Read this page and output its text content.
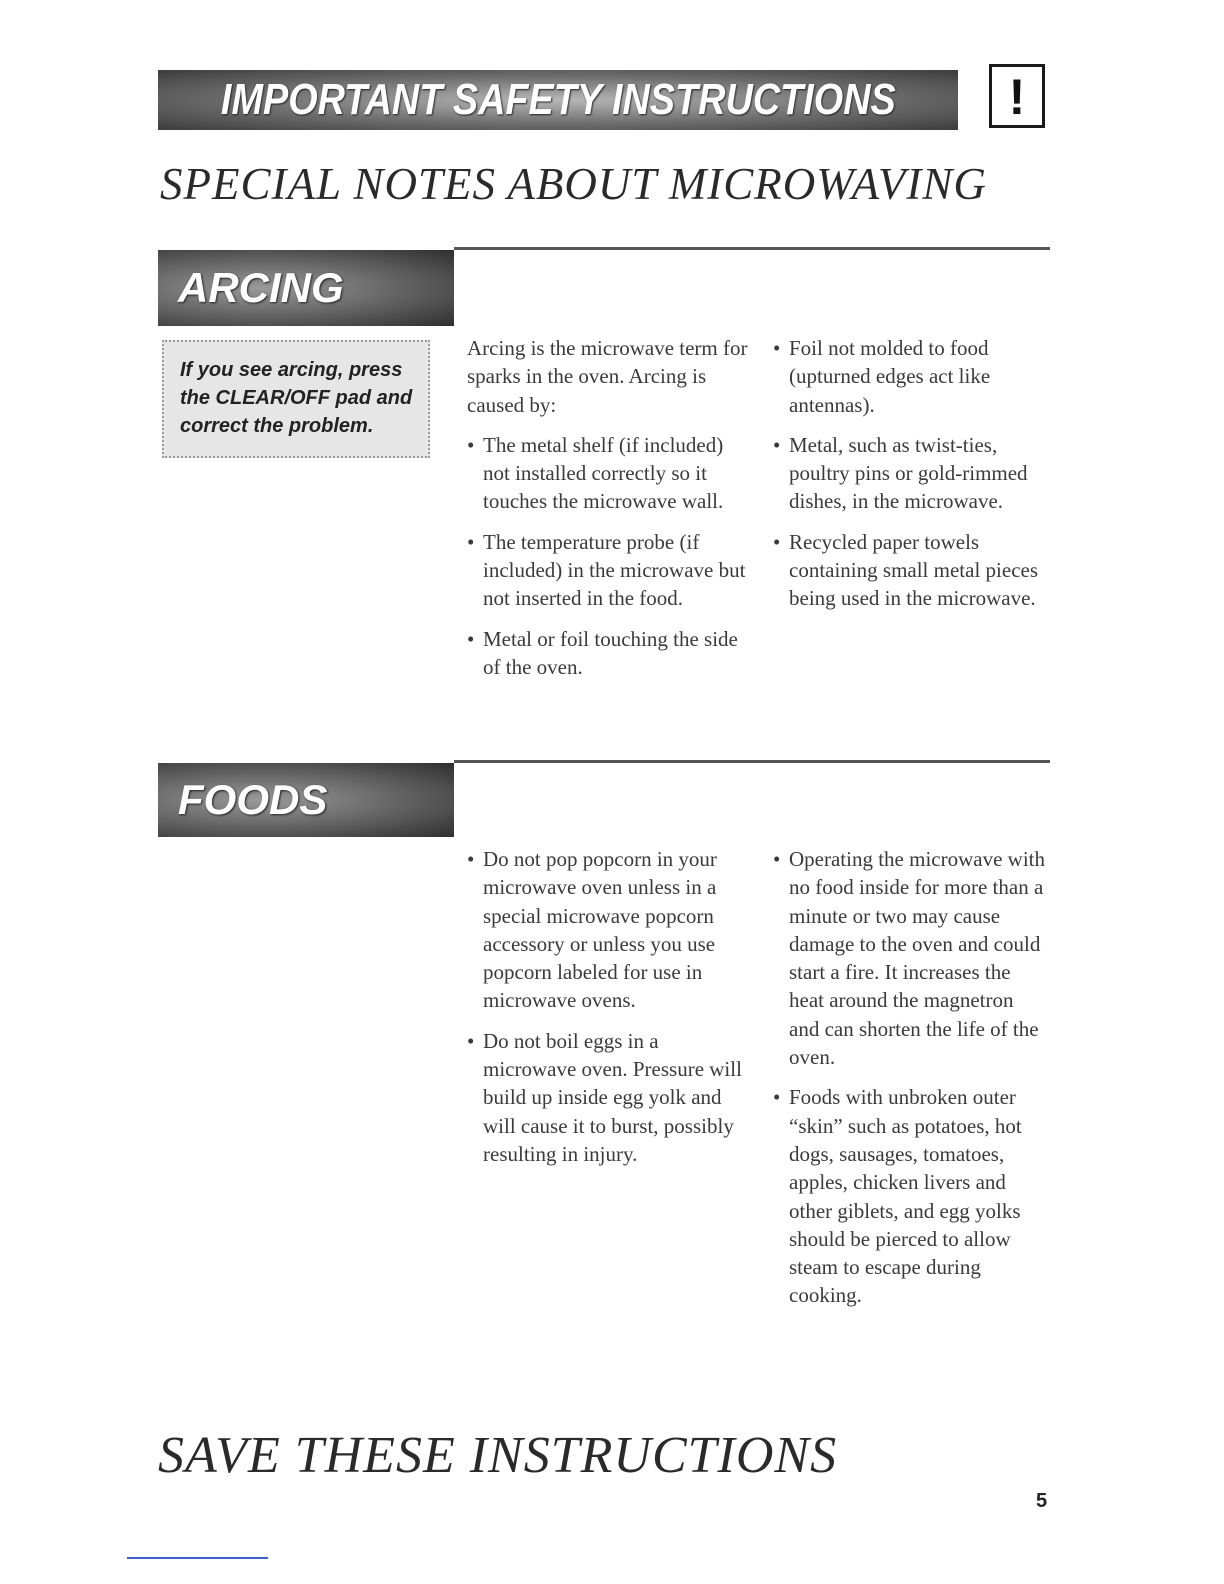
IMPORTANT SAFETY INSTRUCTIONS	!
SPECIAL NOTES ABOUT MICROWAVING
ARCING
If you see arcing, press the CLEAR/OFF pad and correct the problem.

Arcing is the microwave term for sparks in the oven. Arcing is caused by:

• The metal shelf (if included) not installed correctly so it touches the microwave wall.

• The temperature probe (if included) in the microwave but not inserted in the food.

• Metal or foil touching the side of the oven.

• Foil not molded to food (upturned edges act like antennas).

• Metal, such as twist-ties, poultry pins or gold-rimmed dishes, in the microwave.

• Recycled paper towels containing small metal pieces being used in the microwave.

FOODS

• Do not pop popcorn in your microwave oven unless in a special microwave popcorn accessory or unless you use popcorn labeled for use in microwave ovens.

• Do not boil eggs in a microwave oven. Pressure will build up inside egg yolk and will cause it to burst, possibly resulting in injury.

• Operating the microwave with no food inside for more than a minute or two may cause damage to the oven and could start a fire. It increases the heat around the magnetron and can shorten the life of the oven.

• Foods with unbroken outer “skin” such as potatoes, hot dogs, sausages, tomatoes, apples, chicken livers and other giblets, and egg yolks should be pierced to allow steam to escape during cooking.

SAVE THESE INSTRUCTIONS
5
